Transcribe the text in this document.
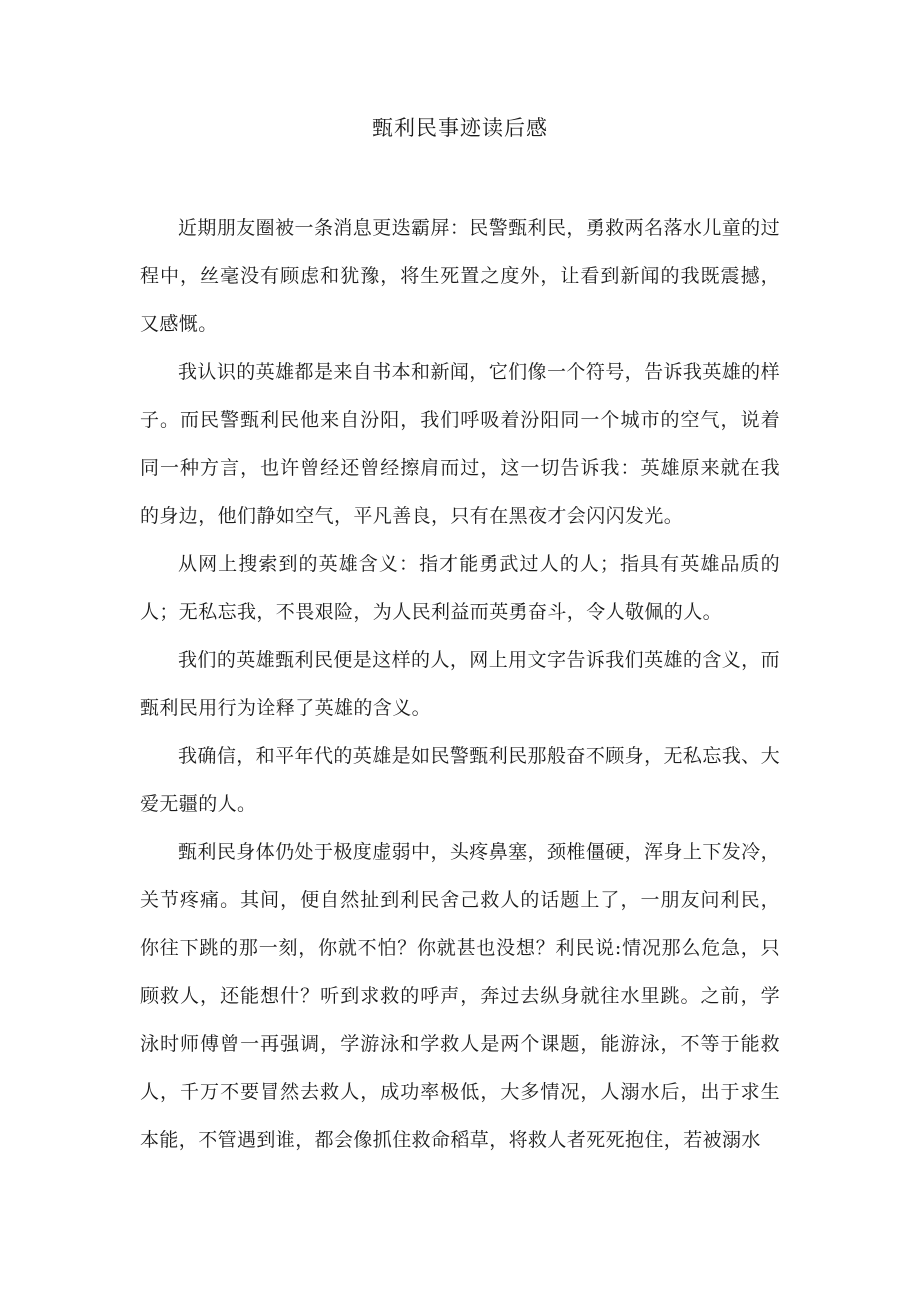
甄利民事迹读后感

近期朋友圈被一条消息更迭霸屏：民警甄利民，勇救两名落水儿童的过程中，丝毫没有顾虑和犹豫，将生死置之度外，让看到新闻的我既震撼，又感慨。

我认识的英雄都是来自书本和新闻，它们像一个符号，告诉我英雄的样子。而民警甄利民他来自汾阳，我们呼吸着汾阳同一个城市的空气，说着同一种方言，也许曾经还曾经擦肩而过，这一切告诉我：英雄原来就在我的身边，他们静如空气，平凡善良，只有在黑夜才会闪闪发光。

从网上搜索到的英雄含义：指才能勇武过人的人；指具有英雄品质的人；无私忘我，不畏艰险，为人民利益而英勇奋斗，令人敬佩的人。

我们的英雄甄利民便是这样的人，网上用文字告诉我们英雄的含义，而甄利民用行为诠释了英雄的含义。

我确信，和平年代的英雄是如民警甄利民那般奋不顾身，无私忘我、大爱无疆的人。

甄利民身体仍处于极度虚弱中，头疼鼻塞，颈椎僵硬，浑身上下发冷，关节疼痛。其间，便自然扯到利民舍己救人的话题上了，一朋友问利民，你往下跳的那一刻，你就不怕？你就甚也没想？利民说:情况那么危急，只顾救人，还能想什？听到求救的呼声，奔过去纵身就往水里跳。之前，学泳时师傅曾一再强调，学游泳和学救人是两个课题，能游泳，不等于能救人，千万不要冒然去救人，成功率极低，大多情况，人溺水后，出于求生本能，不管遇到谁，都会像抓住救命稻草，将救人者死死抱住，若被溺水
